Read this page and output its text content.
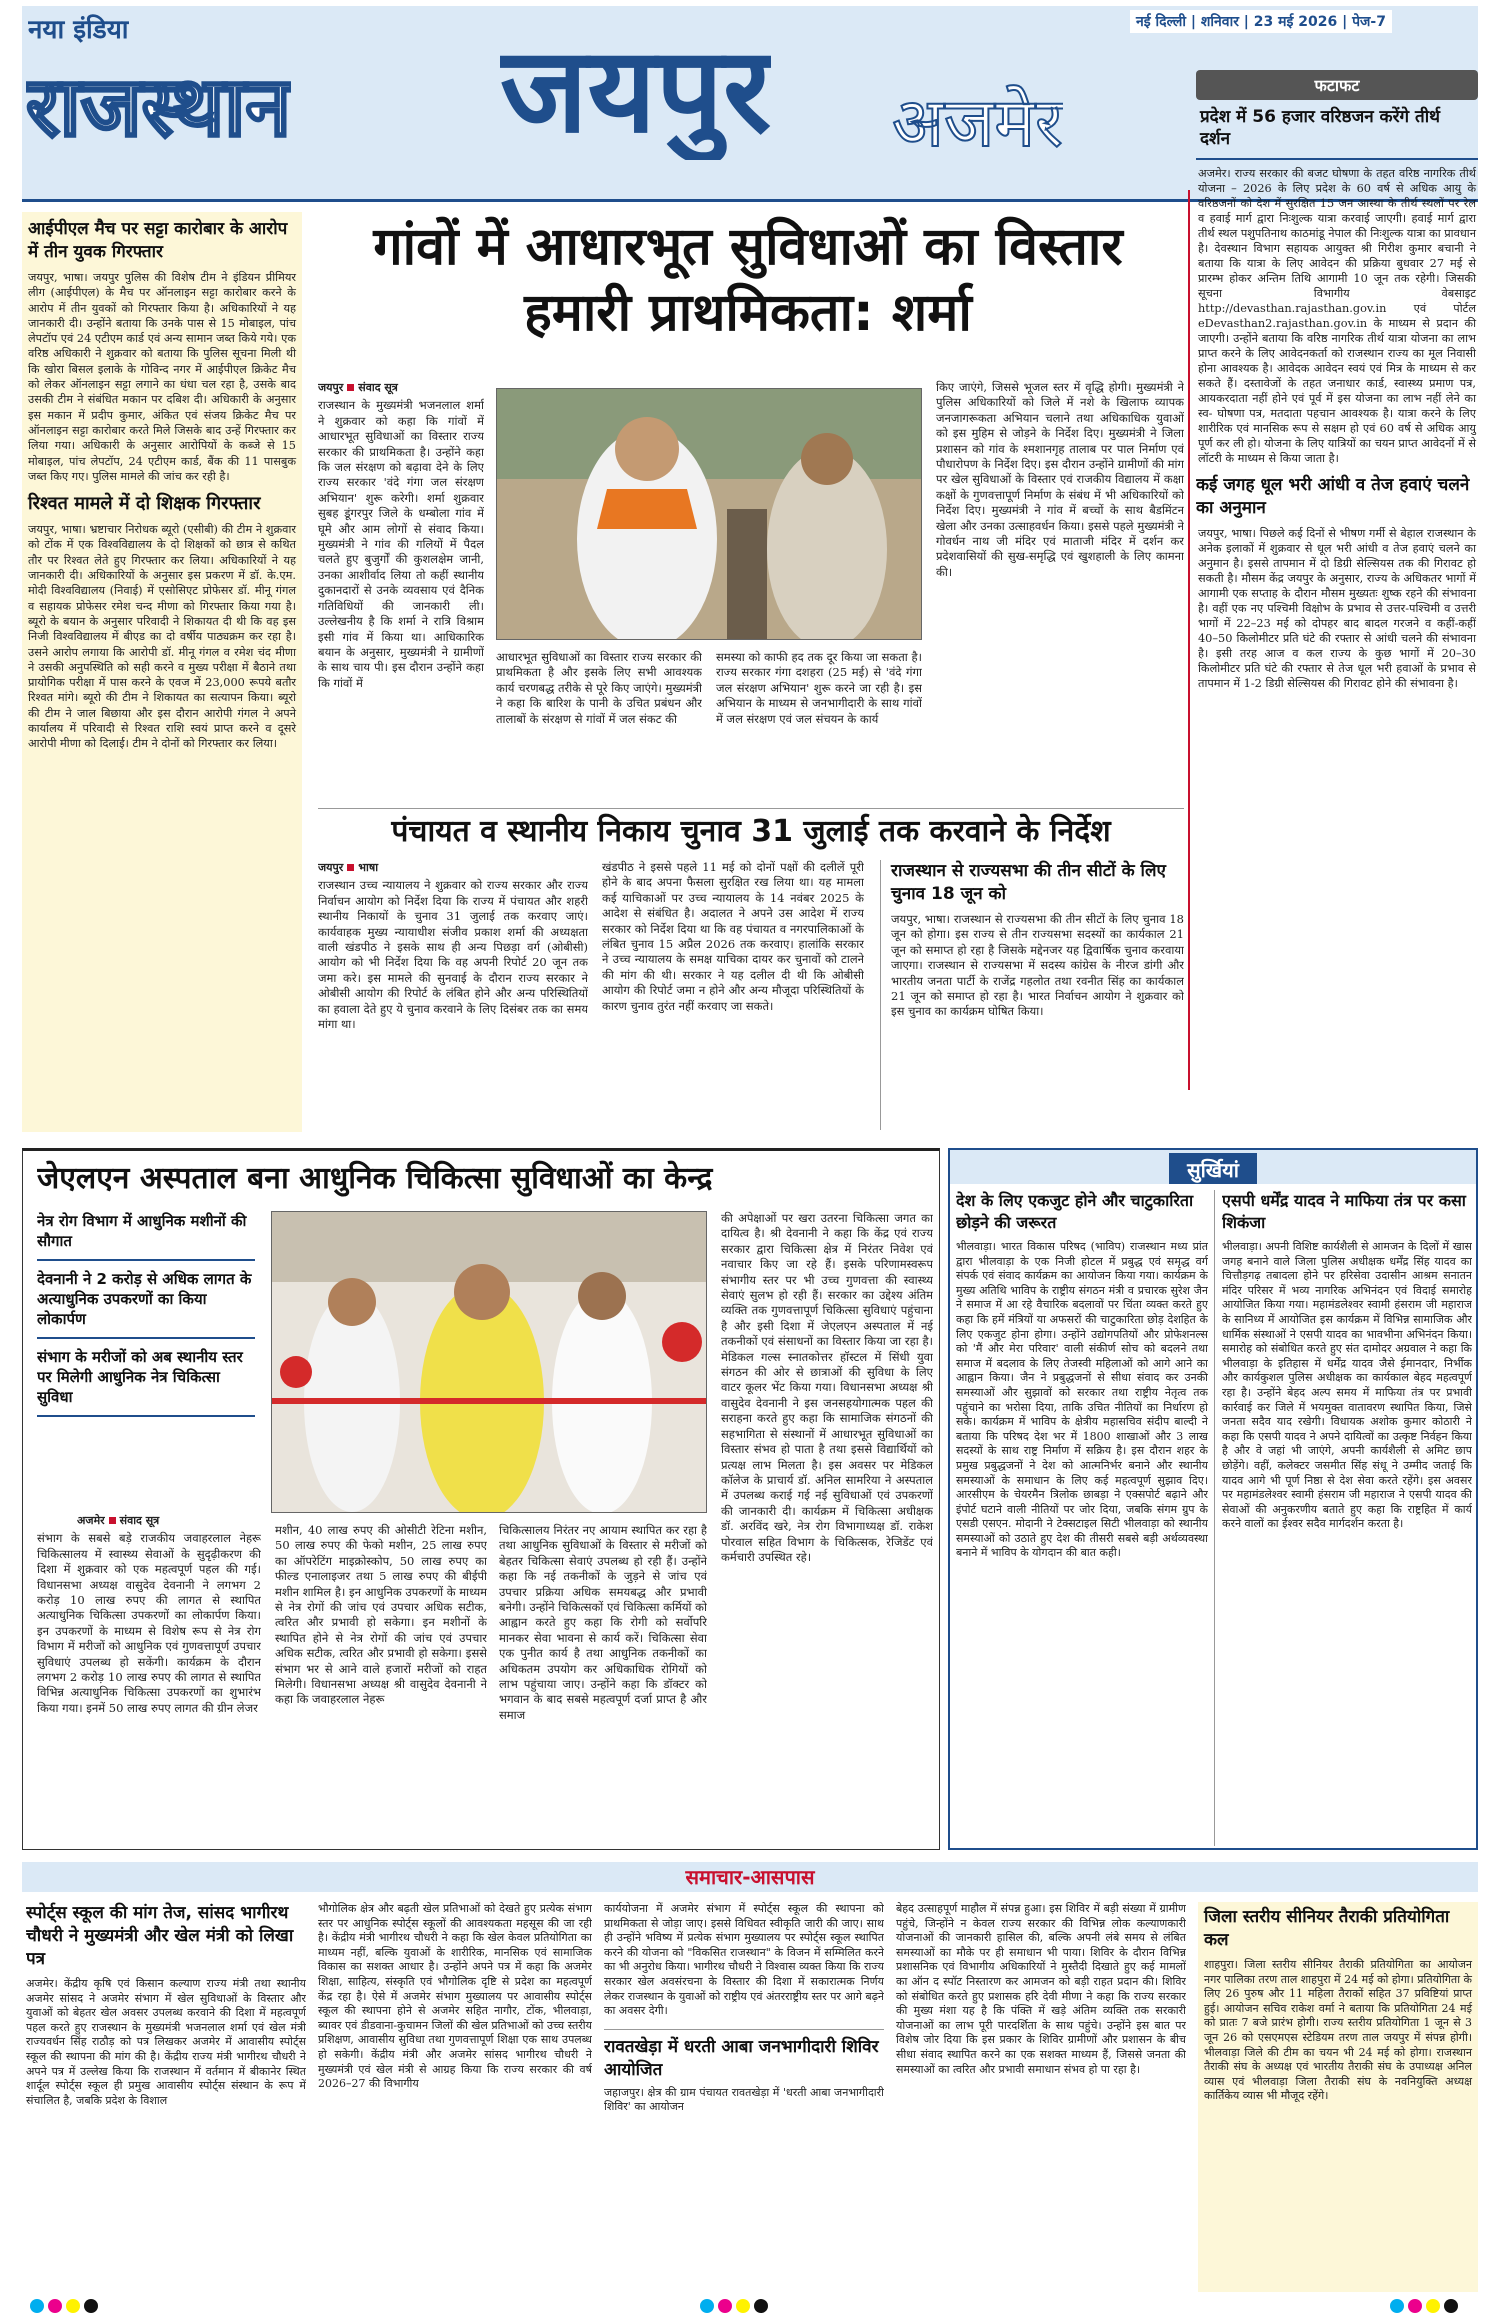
नया इंडिया
राजस्थान जयपुर अजमेर
नई दिल्ली | शनिवार | 23 मई 2026 | पेज-7
फटाफट
प्रदेश में 56 हजार वरिष्ठजन करेंगे तीर्थ दर्शन
अजमेर। राज्य सरकार की बजट घोषणा के तहत वरिष्ठ नागरिक तीर्थ योजना – 2026 के लिए प्रदेश के 60 वर्ष से अधिक आयु के वरिष्ठजनों को देश में सुरक्षित 15 जन आस्था के तीर्थ स्थलों पर रेल व हवाई मार्ग द्वारा निःशुल्क यात्रा करवाई जाएगी। हवाई मार्ग द्वारा तीर्थ स्थल पशुपतिनाथ काठमांडू नेपाल की निःशुल्क यात्रा का प्रावधान है। देवस्थान विभाग सहायक आयुक्त श्री गिरीश कुमार बचानी ने बताया कि यात्रा के लिए आवेदन की प्रक्रिया बुधवार 27 मई से प्रारम्भ होकर अन्तिम तिथि आगामी 10 जून तक रहेगी। जिसकी सूचना विभागीय वेबसाइट http://devasthan.rajasthan.gov.in एवं पोर्टल eDevasthan2.rajasthan.gov.in के माध्यम से प्रदान की जाएगी। उन्होंने बताया कि वरिष्ठ नागरिक तीर्थ यात्रा योजना का लाभ प्राप्त करने के लिए आवेदनकर्ता को राजस्थान राज्य का मूल निवासी होना आवश्यक है। आवेदक आवेदन स्वयं एवं मित्र के माध्यम से कर सकते हैं। दस्तावेजों के तहत जनाधार कार्ड, स्वास्थ्य प्रमाण पत्र, आयकरदाता नहीं होने एवं पूर्व में इस योजना का लाभ नहीं लेने का स्व- घोषणा पत्र, मतदाता पहचान आवश्यक है। यात्रा करने के लिए शारीरिक एवं मानसिक रूप से सक्षम हो एवं 60 वर्ष से अधिक आयु पूर्ण कर ली हो। योजना के लिए यात्रियों का चयन प्राप्त आवेदनों में से लॉटरी के माध्यम से किया जाता है।
कई जगह धूल भरी आंधी व तेज हवाएं चलने का अनुमान
जयपुर, भाषा। पिछले कई दिनों से भीषण गर्मी से बेहाल राजस्थान के अनेक इलाकों में शुक्रवार से धूल भरी आंधी व तेज हवाएं चलने का अनुमान है। इससे तापमान में दो डिग्री सेल्सियस तक की गिरावट हो सकती है। मौसम केंद्र जयपुर के अनुसार, राज्य के अधिकतर भागों में आगामी एक सप्ताह के दौरान मौसम मुख्यतः शुष्क रहने की संभावना है। वहीं एक नए पश्चिमी विक्षोभ के प्रभाव से उत्तर-पश्चिमी व उत्तरी भागों में 22–23 मई को दोपहर बाद बादल गरजने व कहीं-कहीं 40–50 किलोमीटर प्रति घंटे की रफ्तार से आंधी चलने की संभावना है। इसी तरह आज व कल राज्य के कुछ भागों में 20–30 किलोमीटर प्रति घंटे की रफ्तार से तेज धूल भरी हवाओं के प्रभाव से तापमान में 1-2 डिग्री सेल्सियस की गिरावट होने की संभावना है।
आईपीएल मैच पर सट्टा कारोबार के आरोप में तीन युवक गिरफ्तार
जयपुर, भाषा। जयपुर पुलिस की विशेष टीम ने इंडियन प्रीमियर लीग (आईपीएल) के मैच पर ऑनलाइन सट्टा कारोबार करने के आरोप में तीन युवकों को गिरफ्तार किया है। अधिकारियों ने यह जानकारी दी। उन्होंने बताया कि उनके पास से 15 मोबाइल, पांच लेपटॉप एवं 24 एटीएम कार्ड एवं अन्य सामान जब्त किये गये। एक वरिष्ठ अधिकारी ने शुक्रवार को बताया कि पुलिस सूचना मिली थी कि खोरा बिसल इलाके के गोविन्द नगर में आईपीएल क्रिकेट मैच को लेकर ऑनलाइन सट्टा लगाने का धंधा चल रहा है, उसके बाद उसकी टीम ने संबंधित मकान पर दबिश दी। अधिकारी के अनुसार इस मकान में प्रदीप कुमार, अंकित एवं संजय क्रिकेट मैच पर ऑनलाइन सट्टा कारोबार करते मिले जिसके बाद उन्हें गिरफ्तार कर लिया गया। अधिकारी के अनुसार आरोपियों के कब्जे से 15 मोबाइल, पांच लेपटॉप, 24 एटीएम कार्ड, बैंक की 11 पासबुक जब्त किए गए। पुलिस मामले की जांच कर रही है।
रिश्वत मामले में दो शिक्षक गिरफ्तार
जयपुर, भाषा। भ्रष्टाचार निरोधक ब्यूरो (एसीबी) की टीम ने शुक्रवार को टोंक में एक विश्वविद्यालय के दो शिक्षकों को छात्र से कथित तौर पर रिश्वत लेते हुए गिरफ्तार कर लिया। अधिकारियों ने यह जानकारी दी। अधिकारियों के अनुसार इस प्रकरण में डॉ. के.एम. मोदी विश्वविद्यालय (निवाई) में एसोसिएट प्रोफेसर डॉ. मीनू गंगल व सहायक प्रोफेसर रमेश चन्द मीणा को गिरफ्तार किया गया है। ब्यूरो के बयान के अनुसार परिवादी ने शिकायत दी थी कि वह इस निजी विश्वविद्यालय में बीएड का दो वर्षीय पाठ्यक्रम कर रहा है। उसने आरोप लगाया कि आरोपी डॉ. मीनू गंगल व रमेश चंद मीणा ने उसकी अनुपस्थिति को सही करने व मुख्य परीक्षा में बैठाने तथा प्रायोगिक परीक्षा में पास करने के एवज में 23,000 रूपये बतौर रिश्वत मांगे। ब्यूरो की टीम ने शिकायत का सत्यापन किया। ब्यूरो की टीम ने जाल बिछाया और इस दौरान आरोपी गंगल ने अपने कार्यालय में परिवादी से रिश्वत राशि स्वयं प्राप्त करने व दूसरे आरोपी मीणा को दिलाई। टीम ने दोनों को गिरफ्तार कर लिया।
गांवों में आधारभूत सुविधाओं का विस्तार हमारी प्राथमिकता: शर्मा
जयपुर संवाद सूत्र
राजस्थान के मुख्यमंत्री भजनलाल शर्मा ने शुक्रवार को कहा कि गांवों में आधारभूत सुविधाओं का विस्तार राज्य सरकार की प्राथमिकता है। उन्होंने कहा कि जल संरक्षण को बढ़ावा देने के लिए राज्य सरकार 'वंदे गंगा जल संरक्षण अभियान' शुरू करेगी। शर्मा शुक्रवार सुबह डूंगरपुर जिले के धम्बोला गांव में घूमे और आम लोगों से संवाद किया। मुख्यमंत्री ने गांव की गलियों में पैदल चलते हुए बुजुर्गों की कुशलक्षेम जानी, उनका आशीर्वाद लिया तो कहीं स्थानीय दुकानदारों से उनके व्यवसाय एवं दैनिक गतिविधियों की जानकारी ली। उल्लेखनीय है कि शर्मा ने रात्रि विश्राम इसी गांव में किया था। आधिकारिक बयान के अनुसार, मुख्यमंत्री ने ग्रामीणों के साथ चाय पी। इस दौरान उन्होंने कहा कि गांवों में
आधारभूत सुविधाओं का विस्तार राज्य सरकार की प्राथमिकता है और इसके लिए सभी आवश्यक कार्य चरणबद्ध तरीके से पूरे किए जाएंगे। मुख्यमंत्री ने कहा कि बारिश के पानी के उचित प्रबंधन और तालाबों के संरक्षण से गांवों में जल संकट की
समस्या को काफी हद तक दूर किया जा सकता है। राज्य सरकार गंगा दशहरा (25 मई) से 'वंदे गंगा जल संरक्षण अभियान' शुरू करने जा रही है। इस अभियान के माध्यम से जनभागीदारी के साथ गांवों में जल संरक्षण एवं जल संचयन के कार्य
किए जाएंगे, जिससे भूजल स्तर में वृद्धि होगी। मुख्यमंत्री ने पुलिस अधिकारियों को जिले में नशे के खिलाफ व्यापक जनजागरूकता अभियान चलाने तथा अधिकाधिक युवाओं को इस मुहिम से जोड़ने के निर्देश दिए। मुख्यमंत्री ने जिला प्रशासन को गांव के श्मशानगृह तालाब पर पाल निर्माण एवं पौधारोपण के निर्देश दिए। इस दौरान उन्होंने ग्रामीणों की मांग पर खेल सुविधाओं के विस्तार एवं राजकीय विद्यालय में कक्षा कक्षों के गुणवत्तापूर्ण निर्माण के संबंध में भी अधिकारियों को निर्देश दिए। मुख्यमंत्री ने गांव में बच्चों के साथ बैडमिंटन खेला और उनका उत्साहवर्धन किया। इससे पहले मुख्यमंत्री ने गोवर्धन नाथ जी मंदिर एवं माताजी मंदिर में दर्शन कर प्रदेशवासियों की सुख-समृद्धि एवं खुशहाली के लिए कामना की।
पंचायत व स्थानीय निकाय चुनाव 31 जुलाई तक करवाने के निर्देश
जयपुर भाषा
राजस्थान उच्च न्यायालय ने शुक्रवार को राज्य सरकार और राज्य निर्वाचन आयोग को निर्देश दिया कि राज्य में पंचायत और शहरी स्थानीय निकायों के चुनाव 31 जुलाई तक करवाए जाएं। कार्यवाहक मुख्य न्यायाधीश संजीव प्रकाश शर्मा की अध्यक्षता वाली खंडपीठ ने इसके साथ ही अन्य पिछड़ा वर्ग (ओबीसी) आयोग को भी निर्देश दिया कि वह अपनी रिपोर्ट 20 जून तक जमा करे। इस मामले की सुनवाई के दौरान राज्य सरकार ने ओबीसी आयोग की रिपोर्ट के लंबित होने और अन्य परिस्थितियों का हवाला देते हुए ये चुनाव करवाने के लिए दिसंबर तक का समय मांगा था।
खंडपीठ ने इससे पहले 11 मई को दोनों पक्षों की दलीलें पूरी होने के बाद अपना फैसला सुरक्षित रख लिया था। यह मामला कई याचिकाओं पर उच्च न्यायालय के 14 नवंबर 2025 के आदेश से संबंधित है। अदालत ने अपने उस आदेश में राज्य सरकार को निर्देश दिया था कि वह पंचायत व नगरपालिकाओं के लंबित चुनाव 15 अप्रैल 2026 तक करवाए। हालांकि सरकार ने उच्च न्यायालय के समक्ष याचिका दायर कर चुनावों को टालने की मांग की थी। सरकार ने यह दलील दी थी कि ओबीसी आयोग की रिपोर्ट जमा न होने और अन्य मौजूदा परिस्थितियों के कारण चुनाव तुरंत नहीं करवाए जा सकते।
राजस्थान से राज्यसभा की तीन सीटों के लिए चुनाव 18 जून को
जयपुर, भाषा। राजस्थान से राज्यसभा की तीन सीटों के लिए चुनाव 18 जून को होगा। इस राज्य से तीन राज्यसभा सदस्यों का कार्यकाल 21 जून को समाप्त हो रहा है जिसके मद्देनजर यह द्विवार्षिक चुनाव करवाया जाएगा। राजस्थान से राज्यसभा में सदस्य कांग्रेस के नीरज डांगी और भारतीय जनता पार्टी के राजेंद्र गहलोत तथा रवनीत सिंह का कार्यकाल 21 जून को समाप्त हो रहा है। भारत निर्वाचन आयोग ने शुक्रवार को इस चुनाव का कार्यक्रम घोषित किया।
जेएलएन अस्पताल बना आधुनिक चिकित्सा सुविधाओं का केन्द्र
नेत्र रोग विभाग में आधुनिक मशीनों की सौगात
देवनानी ने 2 करोड़ से अधिक लागत के अत्याधुनिक उपकरणों का किया लोकार्पण
संभाग के मरीजों को अब स्थानीय स्तर पर मिलेगी आधुनिक नेत्र चिकित्सा सुविधा
अजमेर संवाद सूत्र
संभाग के सबसे बड़े राजकीय जवाहरलाल नेहरू चिकित्सालय में स्वास्थ्य सेवाओं के सुदृढ़ीकरण की दिशा में शुक्रवार को एक महत्वपूर्ण पहल की गई। विधानसभा अध्यक्ष वासुदेव देवनानी ने लगभग 2 करोड़ 10 लाख रुपए की लागत से स्थापित अत्याधुनिक चिकित्सा उपकरणों का लोकार्पण किया। इन उपकरणों के माध्यम से विशेष रूप से नेत्र रोग विभाग में मरीजों को आधुनिक एवं गुणवत्तापूर्ण उपचार सुविधाएं उपलब्ध हो सकेंगी। कार्यक्रम के दौरान लगभग 2 करोड़ 10 लाख रुपए की लागत से स्थापित विभिन्न अत्याधुनिक चिकित्सा उपकरणों का शुभारंभ किया गया। इनमें 50 लाख रुपए लागत की ग्रीन लेजर
मशीन, 40 लाख रुपए की ओसीटी रेटिना मशीन, 50 लाख रुपए की फेको मशीन, 25 लाख रुपए का ऑपरेटिंग माइक्रोस्कोप, 50 लाख रुपए का फील्ड एनालाइजर तथा 5 लाख रुपए की बीईपी मशीन शामिल है। इन आधुनिक उपकरणों के माध्यम से नेत्र रोगों की जांच एवं उपचार अधिक सटीक, त्वरित और प्रभावी हो सकेगा। इन मशीनों के स्थापित होने से नेत्र रोगों की जांच एवं उपचार अधिक सटीक, त्वरित और प्रभावी हो सकेगा। इससे संभाग भर से आने वाले हजारों मरीजों को राहत मिलेगी। विधानसभा अध्यक्ष श्री वासुदेव देवनानी ने कहा कि जवाहरलाल नेहरू
चिकित्सालय निरंतर नए आयाम स्थापित कर रहा है तथा आधुनिक सुविधाओं के विस्तार से मरीजों को बेहतर चिकित्सा सेवाएं उपलब्ध हो रही हैं। उन्होंने कहा कि नई तकनीकों के जुड़ने से जांच एवं उपचार प्रक्रिया अधिक समयबद्ध और प्रभावी बनेगी। उन्होंने चिकित्सकों एवं चिकित्सा कर्मियों को आह्वान करते हुए कहा कि रोगी को सर्वोपरि मानकर सेवा भावना से कार्य करें। चिकित्सा सेवा एक पुनीत कार्य है तथा आधुनिक तकनीकों का अधिकतम उपयोग कर अधिकाधिक रोगियों को लाभ पहुंचाया जाए। उन्होंने कहा कि डॉक्टर को भगवान के बाद सबसे महत्वपूर्ण दर्जा प्राप्त है और समाज
की अपेक्षाओं पर खरा उतरना चिकित्सा जगत का दायित्व है। श्री देवनानी ने कहा कि केंद्र एवं राज्य सरकार द्वारा चिकित्सा क्षेत्र में निरंतर निवेश एवं नवाचार किए जा रहे हैं। इसके परिणामस्वरूप संभागीय स्तर पर भी उच्च गुणवत्ता की स्वास्थ्य सेवाएं सुलभ हो रही हैं। सरकार का उद्देश्य अंतिम व्यक्ति तक गुणवत्तापूर्ण चिकित्सा सुविधाएं पहुंचाना है और इसी दिशा में जेएलएन अस्पताल में नई तकनीकों एवं संसाधनों का विस्तार किया जा रहा है। मेडिकल गल्स स्नातकोत्तर हॉस्टल में सिंधी युवा संगठन की ओर से छात्राओं की सुविधा के लिए वाटर कूलर भेंट किया गया। विधानसभा अध्यक्ष श्री वासुदेव देवनानी ने इस जनसहयोगात्मक पहल की सराहना करते हुए कहा कि सामाजिक संगठनों की सहभागिता से संस्थानों में आधारभूत सुविधाओं का विस्तार संभव हो पाता है तथा इससे विद्यार्थियों को प्रत्यक्ष लाभ मिलता है। इस अवसर पर मेडिकल कॉलेज के प्राचार्य डॉ. अनिल सामरिया ने अस्पताल में उपलब्ध कराई गई नई सुविधाओं एवं उपकरणों की जानकारी दी। कार्यक्रम में चिकित्सा अधीक्षक डॉ. अरविंद खरे, नेत्र रोग विभागाध्यक्ष डॉ. राकेश पोरवाल सहित विभाग के चिकित्सक, रेजिडेंट एवं कर्मचारी उपस्थित रहे।
सुर्खियां
देश के लिए एकजुट होने और चाटुकारिता छोड़ने की जरूरत
भीलवाड़ा। भारत विकास परिषद (भाविप) राजस्थान मध्य प्रांत द्वारा भीलवाड़ा के एक निजी होटल में प्रबुद्ध एवं समृद्ध वर्ग संपर्क एवं संवाद कार्यक्रम का आयोजन किया गया। कार्यक्रम के मुख्य अतिथि भाविप के राष्ट्रीय संगठन मंत्री व प्रचारक सुरेश जैन ने समाज में आ रहे वैचारिक बदलावों पर चिंता व्यक्त करते हुए कहा कि हमें मंत्रियों या अफसरों की चाटुकारिता छोड़ देशहित के लिए एकजुट होना होगा। उन्होंने उद्योगपतियों और प्रोफेशनल्स को 'मैं और मेरा परिवार' वाली संकीर्ण सोच को बदलने तथा समाज में बदलाव के लिए तेजस्वी महिलाओं को आगे आने का आह्वान किया। जैन ने प्रबुद्धजनों से सीधा संवाद कर उनकी समस्याओं और सुझावों को सरकार तथा राष्ट्रीय नेतृत्व तक पहुंचाने का भरोसा दिया, ताकि उचित नीतियों का निर्धारण हो सके। कार्यक्रम में भाविप के क्षेत्रीय महासचिव संदीप बाल्दी ने बताया कि परिषद देश भर में 1800 शाखाओं और 3 लाख सदस्यों के साथ राष्ट्र निर्माण में सक्रिय है। इस दौरान शहर के प्रमुख प्रबुद्धजनों ने देश को आत्मनिर्भर बनाने और स्थानीय समस्याओं के समाधान के लिए कई महत्वपूर्ण सुझाव दिए। आरसीएम के चेयरमैन त्रिलोक छाबड़ा ने एक्सपोर्ट बढ़ाने और इंपोर्ट घटाने वाली नीतियों पर जोर दिया, जबकि संगम ग्रुप के एसडी एसएन. मोदानी ने टेक्सटाइल सिटी भीलवाड़ा को स्थानीय समस्याओं को उठाते हुए देश की तीसरी सबसे बड़ी अर्थव्यवस्था बनाने में भाविप के योगदान की बात कही।
एसपी धर्मेंद्र यादव ने माफिया तंत्र पर कसा शिकंजा
भीलवाड़ा। अपनी विशिष्ट कार्यशैली से आमजन के दिलों में खास जगह बनाने वाले जिला पुलिस अधीक्षक धर्मेंद्र सिंह यादव का चित्तौड़गढ़ तबादला होने पर हरिसेवा उदासीन आश्रम सनातन मंदिर परिसर में भव्य नागरिक अभिनंदन एवं विदाई समारोह आयोजित किया गया। महामंडलेश्वर स्वामी हंसराम जी महाराज के सानिध्य में आयोजित इस कार्यक्रम में विभिन्न सामाजिक और धार्मिक संस्थाओं ने एसपी यादव का भावभीना अभिनंदन किया। समारोह को संबोधित करते हुए संत दामोदर अग्रवाल ने कहा कि भीलवाड़ा के इतिहास में धर्मेंद्र यादव जैसे ईमानदार, निर्भीक और कार्यकुशल पुलिस अधीक्षक का कार्यकाल बेहद महत्वपूर्ण रहा है। उन्होंने बेहद अल्प समय में माफिया तंत्र पर प्रभावी कार्रवाई कर जिले में भयमुक्त वातावरण स्थापित किया, जिसे जनता सदैव याद रखेगी। विधायक अशोक कुमार कोठारी ने कहा कि एसपी यादव ने अपने दायित्वों का उत्कृष्ट निर्वहन किया है और वे जहां भी जाएंगे, अपनी कार्यशैली से अमिट छाप छोड़ेंगे। वहीं, कलेक्टर जसमीत सिंह संधू ने उम्मीद जताई कि यादव आगे भी पूर्ण निष्ठा से देश सेवा करते रहेंगे। इस अवसर पर महामंडलेश्वर स्वामी हंसराम जी महाराज ने एसपी यादव की सेवाओं की अनुकरणीय बताते हुए कहा कि राष्ट्रहित में कार्य करने वालों का ईश्वर सदैव मार्गदर्शन करता है।
समाचार-आसपास
स्पोर्ट्स स्कूल की मांग तेज, सांसद भागीरथ चौधरी ने मुख्यमंत्री और खेल मंत्री को लिखा पत्र
अजमेर। केंद्रीय कृषि एवं किसान कल्याण राज्य मंत्री तथा स्थानीय अजमेर सांसद ने अजमेर संभाग में खेल सुविधाओं के विस्तार और युवाओं को बेहतर खेल अवसर उपलब्ध करवाने की दिशा में महत्वपूर्ण पहल करते हुए राजस्थान के मुख्यमंत्री भजनलाल शर्मा एवं खेल मंत्री राज्यवर्धन सिंह राठौड़ को पत्र लिखकर अजमेर में आवासीय स्पोर्ट्स स्कूल की स्थापना की मांग की है। केंद्रीय राज्य मंत्री भागीरथ चौधरी ने अपने पत्र में उल्लेख किया कि राजस्थान में वर्तमान में बीकानेर स्थित शार्दूल स्पोर्ट्स स्कूल ही प्रमुख आवासीय स्पोर्ट्स संस्थान के रूप में संचालित है, जबकि प्रदेश के विशाल
भौगोलिक क्षेत्र और बढ़ती खेल प्रतिभाओं को देखते हुए प्रत्येक संभाग स्तर पर आधुनिक स्पोर्ट्स स्कूलों की आवश्यकता महसूस की जा रही है। केंद्रीय मंत्री भागीरथ चौधरी ने कहा कि खेल केवल प्रतियोगिता का माध्यम नहीं, बल्कि युवाओं के शारीरिक, मानसिक एवं सामाजिक विकास का सशक्त आधार है। उन्होंने अपने पत्र में कहा कि अजमेर शिक्षा, साहित्य, संस्कृति एवं भौगोलिक दृष्टि से प्रदेश का महत्वपूर्ण केंद्र रहा है। ऐसे में अजमेर संभाग मुख्यालय पर आवासीय स्पोर्ट्स स्कूल की स्थापना होने से अजमेर सहित नागौर, टोंक, भीलवाड़ा, ब्यावर एवं डीडवाना-कुचामन जिलों की खेल प्रतिभाओं को उच्च स्तरीय प्रशिक्षण, आवासीय सुविधा तथा गुणवत्तापूर्ण शिक्षा एक साथ उपलब्ध हो सकेगी। केंद्रीय मंत्री और अजमेर सांसद भागीरथ चौधरी ने मुख्यमंत्री एवं खेल मंत्री से आग्रह किया कि राज्य सरकार की वर्ष 2026–27 की विभागीय
कार्ययोजना में अजमेर संभाग में स्पोर्ट्स स्कूल की स्थापना को प्राथमिकता से जोड़ा जाए। इससे विधिवत स्वीकृति जारी की जाए। साथ ही उन्होंने भविष्य में प्रत्येक संभाग मुख्यालय पर स्पोर्ट्स स्कूल स्थापित करने की योजना को "विकसित राजस्थान" के विजन में सम्मिलित करने का भी अनुरोध किया। भागीरथ चौधरी ने विश्वास व्यक्त किया कि राज्य सरकार खेल अवसंरचना के विस्तार की दिशा में सकारात्मक निर्णय लेकर राजस्थान के युवाओं को राष्ट्रीय एवं अंतरराष्ट्रीय स्तर पर आगे बढ़ने का अवसर देगी।
रावतखेड़ा में धरती आबा जनभागीदारी शिविर आयोजित
जहाजपुर। क्षेत्र की ग्राम पंचायत रावतखेड़ा में 'धरती आबा जनभागीदारी शिविर' का आयोजन
बेहद उत्साहपूर्ण माहौल में संपन्न हुआ। इस शिविर में बड़ी संख्या में ग्रामीण पहुंचे, जिन्होंने न केवल राज्य सरकार की विभिन्न लोक कल्याणकारी योजनाओं की जानकारी हासिल की, बल्कि अपनी लंबे समय से लंबित समस्याओं का मौके पर ही समाधान भी पाया। शिविर के दौरान विभिन्न प्रशासनिक एवं विभागीय अधिकारियों ने मुस्तैदी दिखाते हुए कई मामलों का ऑन द स्पॉट निस्तारण कर आमजन को बड़ी राहत प्रदान की। शिविर को संबोधित करते हुए प्रशासक हरि देवी मीणा ने कहा कि राज्य सरकार की मुख्य मंशा यह है कि पंक्ति में खड़े अंतिम व्यक्ति तक सरकारी योजनाओं का लाभ पूरी पारदर्शिता के साथ पहुंचे। उन्होंने इस बात पर विशेष जोर दिया कि इस प्रकार के शिविर ग्रामीणों और प्रशासन के बीच सीधा संवाद स्थापित करने का एक सशक्त माध्यम हैं, जिससे जनता की समस्याओं का त्वरित और प्रभावी समाधान संभव हो पा रहा है।
जिला स्तरीय सीनियर तैराकी प्रतियोगिता कल
शाहपुरा। जिला स्तरीय सीनियर तैराकी प्रतियोगिता का आयोजन नगर पालिका तरण ताल शाहपुरा में 24 मई को होगा। प्रतियोगिता के लिए 26 पुरुष और 11 महिला तैराकों सहित 37 प्रविष्टियां प्राप्त हुई। आयोजन सचिव राकेश वर्मा ने बताया कि प्रतियोगिता 24 मई को प्रातः 7 बजे प्रारंभ होगी। राज्य स्तरीय प्रतियोगिता 1 जून से 3 जून 26 को एसएमएस स्टेडियम तरण ताल जयपुर में संपन्न होगी। भीलवाड़ा जिले की टीम का चयन भी 24 मई को होगा। राजस्थान तैराकी संघ के अध्यक्ष एवं भारतीय तैराकी संघ के उपाध्यक्ष अनिल व्यास एवं भीलवाड़ा जिला तैराकी संघ के नवनियुक्ति अध्यक्ष कार्तिकेय व्यास भी मौजूद रहेंगे।
